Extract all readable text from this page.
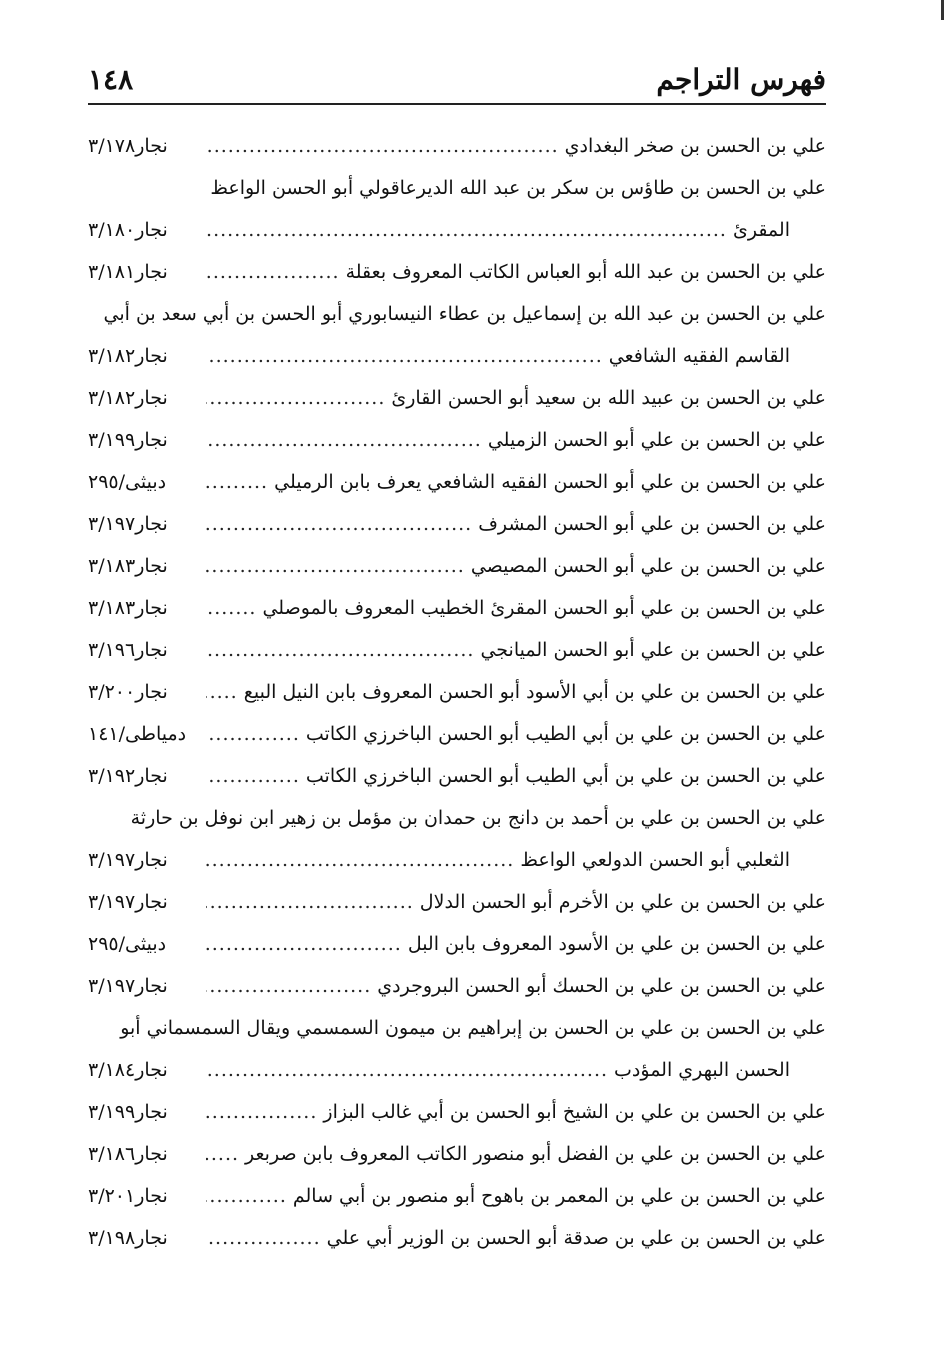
١٤٨	فهرس التراجم
علي بن الحسن بن صخر البغدادي
.....
نجار٣/١٧٨
علي بن الحسن بن طاؤس بن سكر بن عبد الله الديرعاقولي أبو الحسن الواعظ
المقرئ
.....
نجار٣/١٨٠
علي بن الحسن بن عبد الله أبو العباس الكاتب المعروف بعقلة
.....
نجار٣/١٨١
علي بن الحسن بن عبد الله بن إسماعيل بن عطاء النيسابوري أبو الحسن بن أبي سعد بن أبي
القاسم الفقيه الشافعي
.....
نجار٣/١٨٢
علي بن الحسن بن عبيد الله بن سعيد أبو الحسن القارئ
.....
نجار٣/١٨٢
علي بن الحسن بن علي أبو الحسن الزميلي
.....
نجار٣/١٩٩
علي بن الحسن بن علي أبو الحسن الفقيه الشافعي يعرف بابن الرميلي
.....
دبيثى/٢٩٥
علي بن الحسن بن علي أبو الحسن المشرف
.....
نجار٣/١٩٧
علي بن الحسن بن علي أبو الحسن المصيصي
.....
نجار٣/١٨٣
علي بن الحسن بن علي أبو الحسن المقرئ الخطيب المعروف بالموصلي
.....
نجار٣/١٨٣
علي بن الحسن بن علي أبو الحسن الميانجي
.....
نجار٣/١٩٦
علي بن الحسن بن علي بن أبي الأسود أبو الحسن المعروف بابن النيل البيع
.....
نجار٣/٢٠٠
علي بن الحسن بن علي بن أبي الطيب أبو الحسن الباخرزي الكاتب
.....
دمياطى/١٤١
علي بن الحسن بن علي بن أبي الطيب أبو الحسن الباخرزي الكاتب
.....
نجار٣/١٩٢
علي بن الحسن بن علي بن أحمد بن دانج بن حمدان بن مؤمل بن زهير ابن نوفل بن حارثة
الثعلبي أبو الحسن الدولعي الواعظ
.....
نجار٣/١٩٧
علي بن الحسن بن علي بن الأخرم أبو الحسن الدلال
.....
نجار٣/١٩٧
علي بن الحسن بن علي بن الأسود المعروف بابن البل
.....
دبيثى/٢٩٥
علي بن الحسن بن علي بن الحسك أبو الحسن البروجردي
.....
نجار٣/١٩٧
علي بن الحسن بن علي بن الحسن بن إبراهيم بن ميمون السمسمي ويقال السمسماني أبو
الحسن البهري المؤدب
.....
نجار٣/١٨٤
علي بن الحسن بن علي بن الشيخ أبو الحسن بن أبي غالب البزاز
.....
نجار٣/١٩٩
علي بن الحسن بن علي بن الفضل أبو منصور الكاتب المعروف بابن صربعر
.....
نجار٣/١٨٦
علي بن الحسن بن علي بن المعمر بن باهوح أبو منصور بن أبي سالم
.....
نجار٣/٢٠١
علي بن الحسن بن علي بن صدقة أبو الحسن بن الوزير أبي علي
.....
نجار٣/١٩٨
